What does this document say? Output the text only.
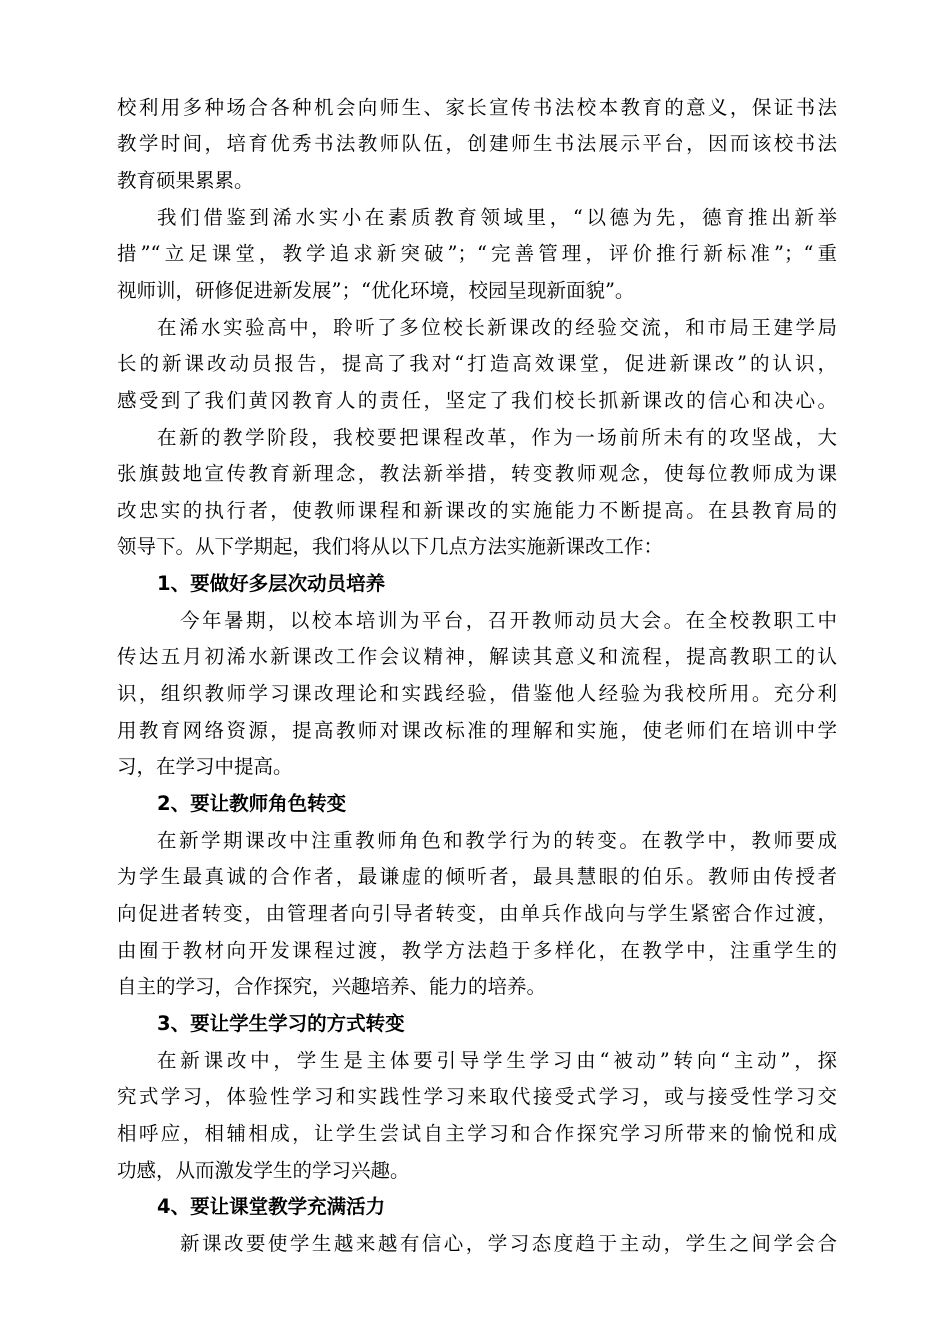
校利用多种场合各种机会向师生、家长宣传书法校本教育的意义，保证书法
教学时间，培育优秀书法教师队伍，创建师生书法展示平台，因而该校书法
教育硕果累累。
我们借鉴到浠水实小在素质教育领域里，“以德为先，德育推出新举
措”“立足课堂，教学追求新突破”；“完善管理，评价推行新标准”；“重
视师训，研修促进新发展”；“优化环境，校园呈现新面貌”。
在浠水实验高中，聆听了多位校长新课改的经验交流，和市局王建学局
长的新课改动员报告，提高了我对“打造高效课堂，促进新课改”的认识，
感受到了我们黄冈教育人的责任，坚定了我们校长抓新课改的信心和决心。
在新的教学阶段，我校要把课程改革，作为一场前所未有的攻坚战，大
张旗鼓地宣传教育新理念，教法新举措，转变教师观念，使每位教师成为课
改忠实的执行者，使教师课程和新课改的实施能力不断提高。在县教育局的
领导下。从下学期起，我们将从以下几点方法实施新课改工作：
1、要做好多层次动员培养
今年暑期，以校本培训为平台，召开教师动员大会。在全校教职工中
传达五月初浠水新课改工作会议精神，解读其意义和流程，提高教职工的认
识，组织教师学习课改理论和实践经验，借鉴他人经验为我校所用。充分利
用教育网络资源，提高教师对课改标准的理解和实施，使老师们在培训中学
习，在学习中提高。
2、要让教师角色转变
在新学期课改中注重教师角色和教学行为的转变。在教学中，教师要成
为学生最真诚的合作者，最谦虚的倾听者，最具慧眼的伯乐。教师由传授者
向促进者转变，由管理者向引导者转变，由单兵作战向与学生紧密合作过渡，
由囿于教材向开发课程过渡，教学方法趋于多样化，在教学中，注重学生的
自主的学习，合作探究，兴趣培养、能力的培养。
3、要让学生学习的方式转变
在新课改中，学生是主体要引导学生学习由“被动”转向“主动”，探
究式学习，体验性学习和实践性学习来取代接受式学习，或与接受性学习交
相呼应，相辅相成，让学生尝试自主学习和合作探究学习所带来的愉悦和成
功感，从而激发学生的学习兴趣。
4、要让课堂教学充满活力
新课改要使学生越来越有信心，学习态度趋于主动，学生之间学会合
